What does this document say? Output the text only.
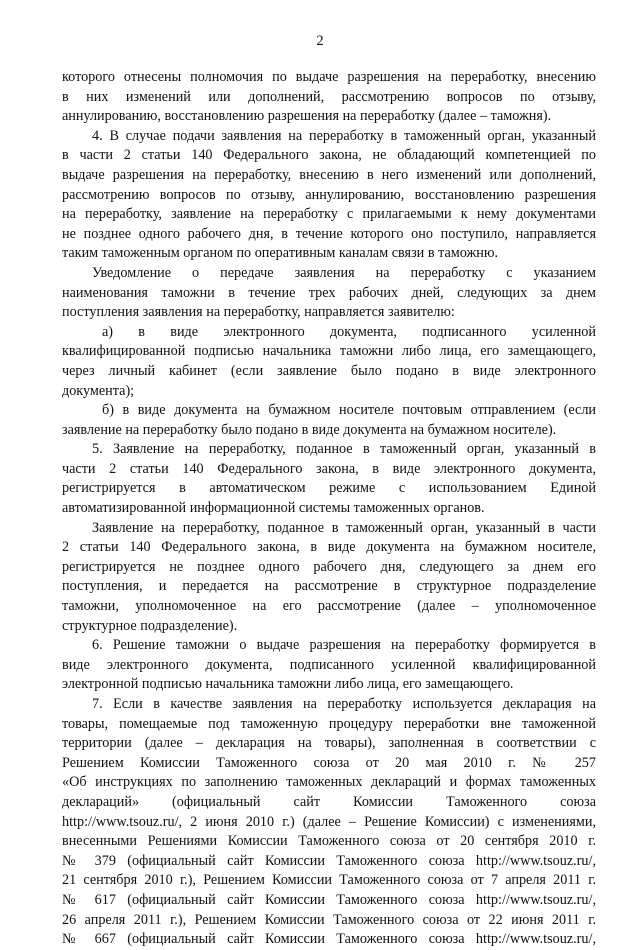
2
которого отнесены полномочия по выдаче разрешения на переработку, внесению
в них изменений или дополнений, рассмотрению вопросов по отзыву,
аннулированию, восстановлению разрешения на переработку (далее – таможня).
4. В случае подачи заявления на переработку в таможенный орган, указанный
в части 2 статьи 140 Федерального закона, не обладающий компетенцией по
выдаче разрешения на переработку, внесению в него изменений или дополнений,
рассмотрению вопросов по отзыву, аннулированию, восстановлению разрешения
на переработку, заявление на переработку с прилагаемыми к нему документами
не позднее одного рабочего дня, в течение которого оно поступило, направляется
таким таможенным органом по оперативным каналам связи в таможню.
Уведомление о передаче заявления на переработку с указанием
наименования таможни в течение трех рабочих дней, следующих за днем
поступления заявления на переработку, направляется заявителю:
а) в виде электронного документа, подписанного усиленной
квалифицированной подписью начальника таможни либо лица, его замещающего,
через личный кабинет (если заявление было подано в виде электронного
документа);
б) в виде документа на бумажном носителе почтовым отправлением (если
заявление на переработку было подано в виде документа на бумажном носителе).
5. Заявление на переработку, поданное в таможенный орган, указанный в
части 2 статьи 140 Федерального закона, в виде электронного документа,
регистрируется в автоматическом режиме с использованием Единой
автоматизированной информационной системы таможенных органов.
Заявление на переработку, поданное в таможенный орган, указанный в части
2 статьи 140 Федерального закона, в виде документа на бумажном носителе,
регистрируется не позднее одного рабочего дня, следующего за днем его
поступления, и передается на рассмотрение в структурное подразделение
таможни, уполномоченное на его рассмотрение (далее – уполномоченное
структурное подразделение).
6. Решение таможни о выдаче разрешения на переработку формируется в
виде электронного документа, подписанного усиленной квалифицированной
электронной подписью начальника таможни либо лица, его замещающего.
7. Если в качестве заявления на переработку используется декларация на
товары, помещаемые под таможенную процедуру переработки вне таможенной
территории (далее – декларация на товары), заполненная в соответствии с
Решением Комиссии Таможенного союза от 20 мая 2010 г. № 257
«Об инструкциях по заполнению таможенных деклараций и формах таможенных
деклараций» (официальный сайт Комиссии Таможенного союза
http://www.tsouz.ru/, 2 июня 2010 г.) (далее – Решение Комиссии) с изменениями,
внесенными Решениями Комиссии Таможенного союза от 20 сентября 2010 г.
№ 379 (официальный сайт Комиссии Таможенного союза http://www.tsouz.ru/,
21 сентября 2010 г.), Решением Комиссии Таможенного союза от 7 апреля 2011 г.
№ 617 (официальный сайт Комиссии Таможенного союза http://www.tsouz.ru/,
26 апреля 2011 г.), Решением Комиссии Таможенного союза от 22 июня 2011 г.
№ 667 (официальный сайт Комиссии Таможенного союза http://www.tsouz.ru/,
